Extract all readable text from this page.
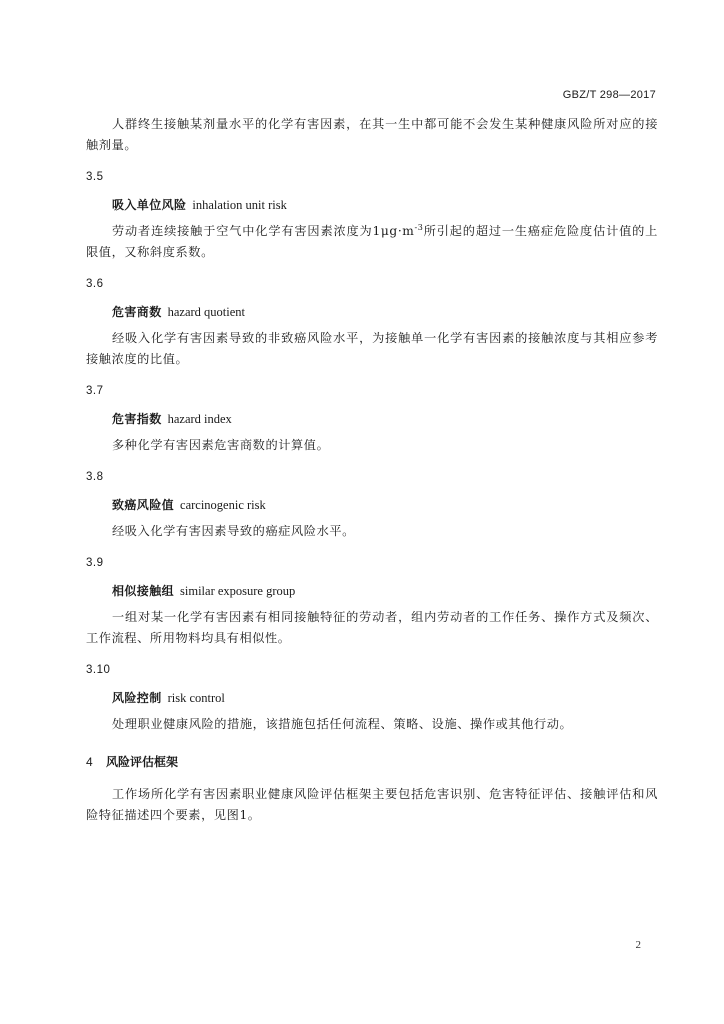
GBZ/T 298—2017

人群终生接触某剂量水平的化学有害因素，在其一生中都可能不会发生某种健康风险所对应的接触剂量。

3.5
吸入单位风险 inhalation unit risk

劳动者连续接触于空气中化学有害因素浓度为$1\mu g\cdot m^{-3}$所引起的超过一生癌症危险度估计值的上限值，又称斜度系数。

3.6
危害商数 hazard quotient

经吸入化学有害因素导致的非致癌风险水平，为接触单一化学有害因素的接触浓度与其相应参考接触浓度的比值。

3.7
危害指数 hazard index

多种化学有害因素危害商数的计算值。

3.8
致癌风险值 carcinogenic risk

经吸入化学有害因素导致的癌症风险水平。

3.9
相似接触组 similar exposure group

一组对某一化学有害因素有相同接触特征的劳动者，组内劳动者的工作任务、操作方式及频次、工作流程、所用物料均具有相似性。

3.10
风险控制 risk control

处理职业健康风险的措施，该措施包括任何流程、策略、设施、操作或其他行动。

4 风险评估框架

工作场所化学有害因素职业健康风险评估框架主要包括危害识别、危害特征评估、接触评估和风险特征描述四个要素，见图1。

2
